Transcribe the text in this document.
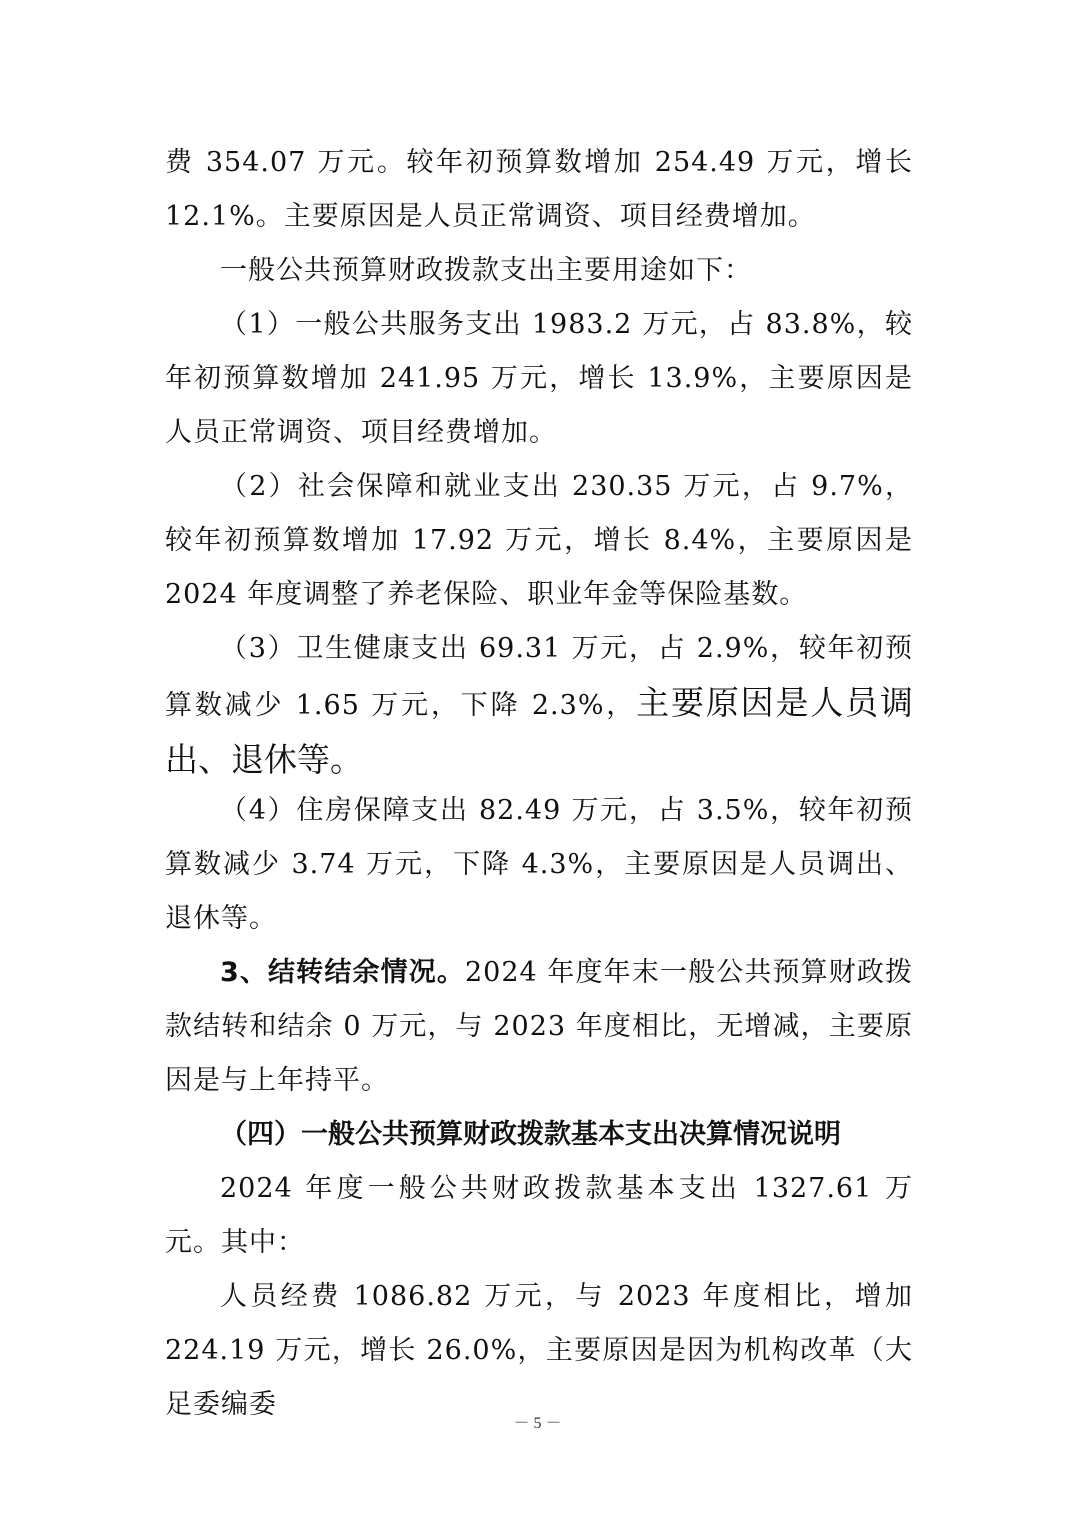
费 354.07 万元。较年初预算数增加 254.49 万元，增长 12.1%。主要原因是人员正常调资、项目经费增加。

一般公共预算财政拨款支出主要用途如下：

（1）一般公共服务支出 1983.2 万元，占 83.8%，较年初预算数增加 241.95 万元，增长 13.9%，主要原因是人员正常调资、项目经费增加。

（2）社会保障和就业支出 230.35 万元，占 9.7%，较年初预算数增加 17.92 万元，增长 8.4%，主要原因是 2024 年度调整了养老保险、职业年金等保险基数。

（3）卫生健康支出 69.31 万元，占 2.9%，较年初预算数减少 1.65 万元，下降 2.3%，主要原因是人员调出、退休等。

（4）住房保障支出 82.49 万元，占 3.5%，较年初预算数减少 3.74 万元，下降 4.3%，主要原因是人员调出、退休等。

3、结转结余情况。2024 年度年末一般公共预算财政拨款结转和结余 0 万元，与 2023 年度相比，无增减，主要原因是与上年持平。

（四）一般公共预算财政拨款基本支出决算情况说明

2024 年度一般公共财政拨款基本支出 1327.61 万元。其中：

人员经费 1086.82 万元，与 2023 年度相比，增加 224.19 万元，增长 26.0%，主要原因是因为机构改革（大足委编委

－ 5 －
